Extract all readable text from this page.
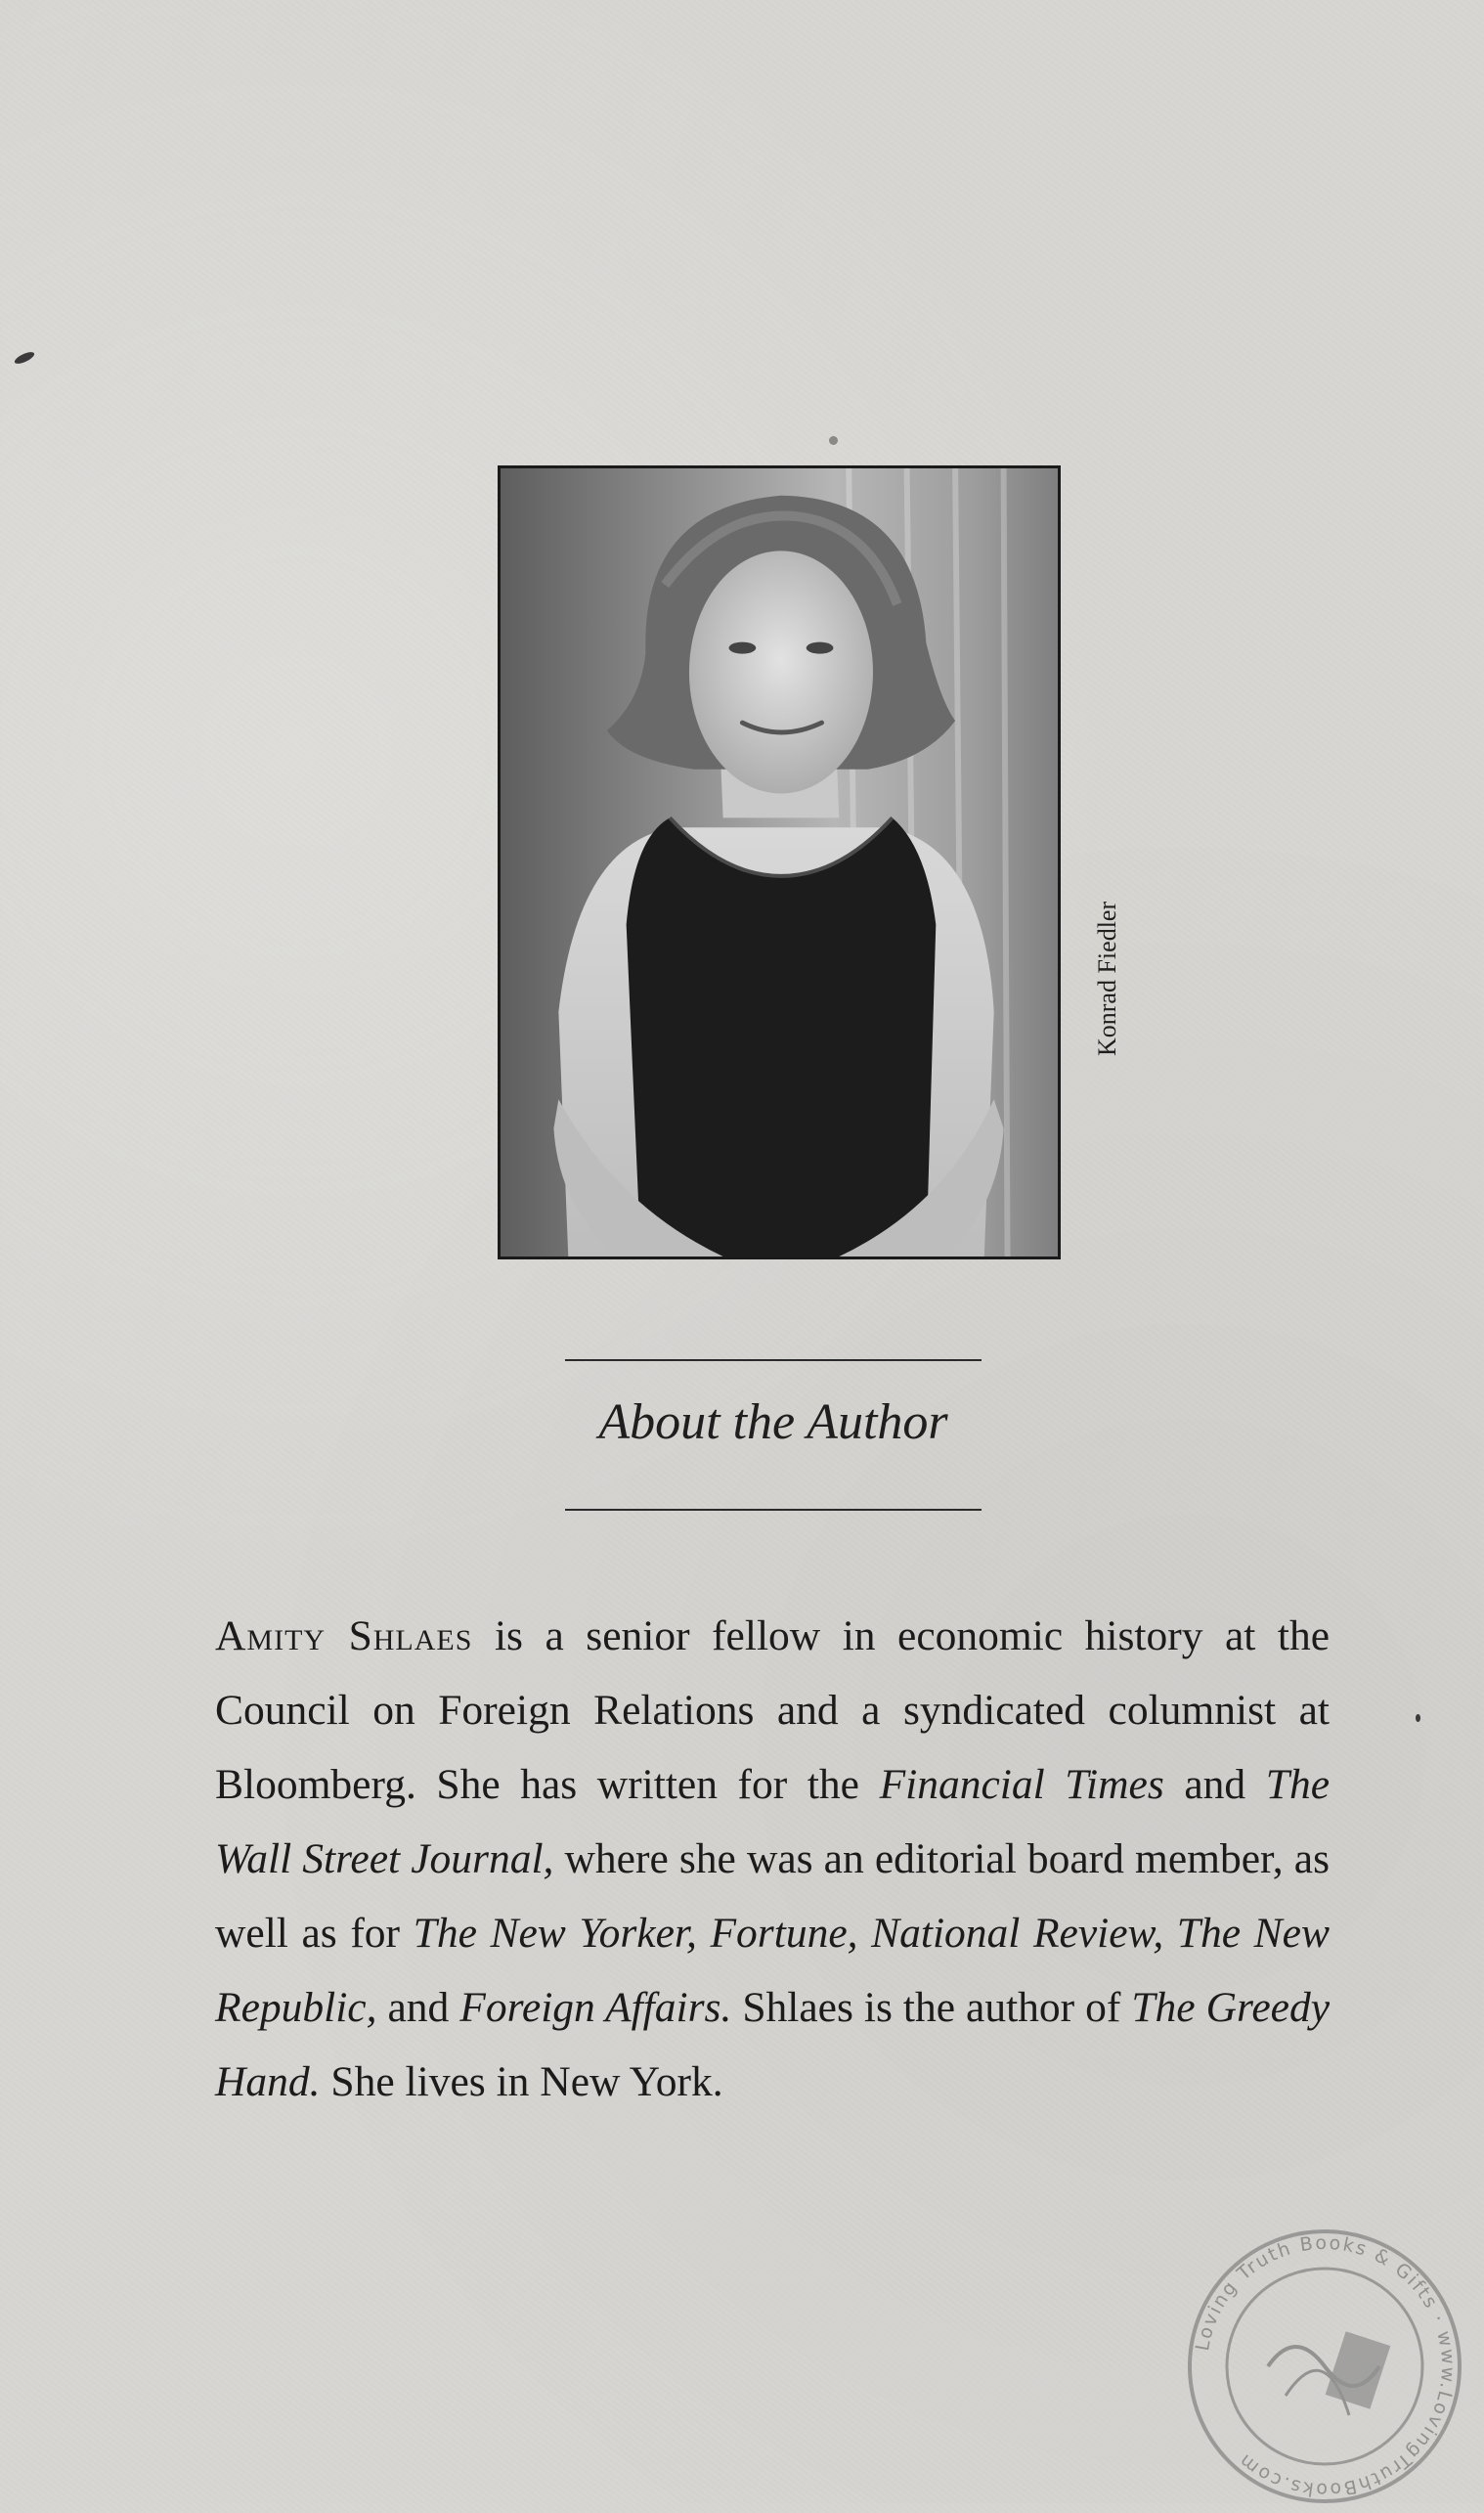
Konrad Fiedler
About the Author

Amity Shlaes is a senior fellow in economic history at the Council on Foreign Relations and a syndicated columnist at Bloomberg. She has written for the Financial Times and The Wall Street Journal, where she was an editorial board member, as well as for The New Yorker, Fortune, National Review, The New Republic, and Foreign Affairs. Shlaes is the author of The Greedy Hand. She lives in New York.

Loving Truth Books & Gifts · www.LovingTruthBooks.com
